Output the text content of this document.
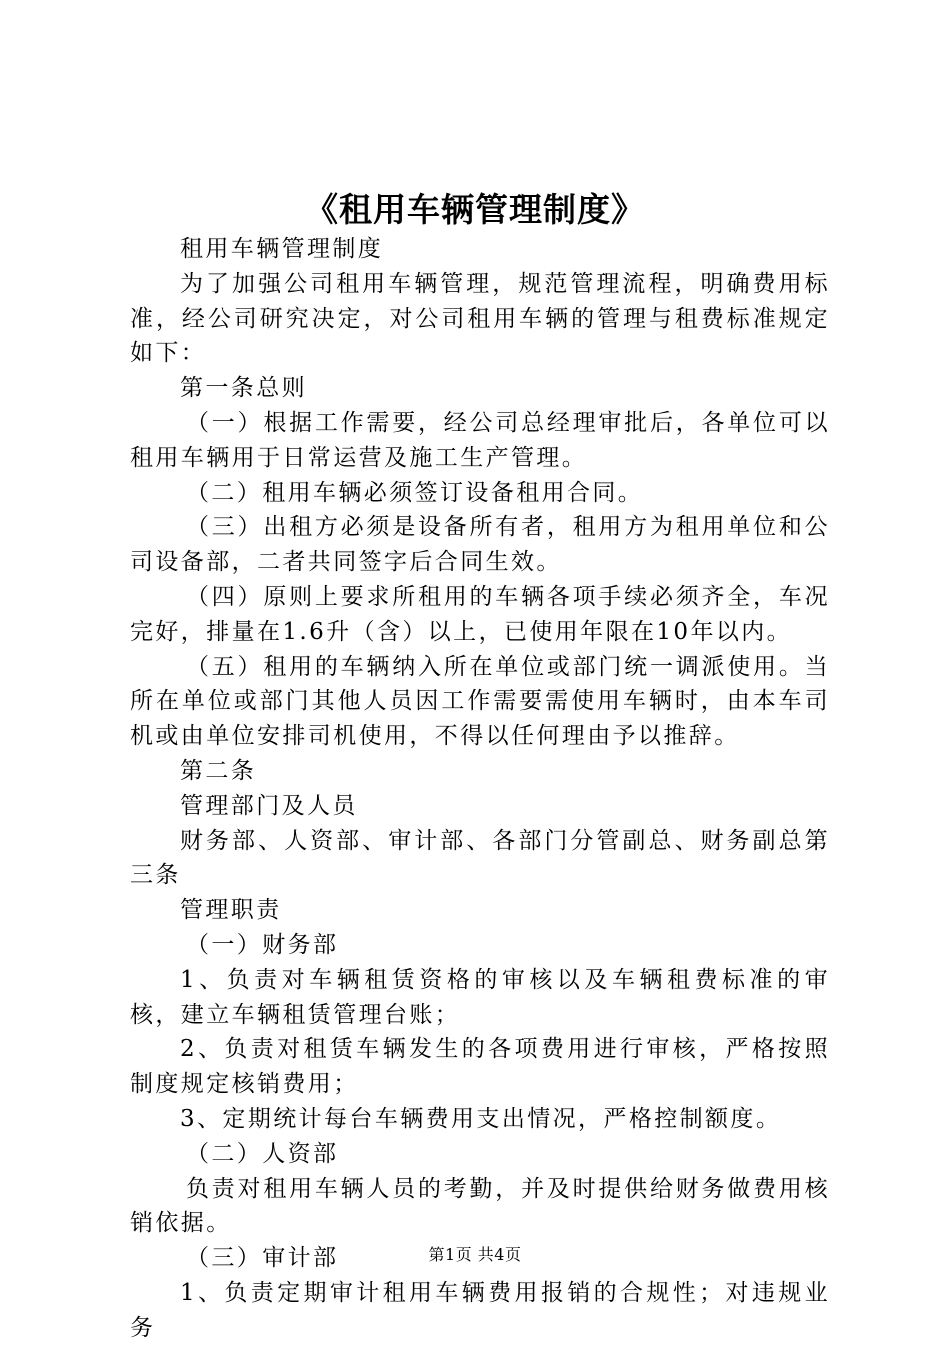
《租用车辆管理制度》

租用车辆管理制度

为了加强公司租用车辆管理，规范管理流程，明确费用标准，经公司研究决定，对公司租用车辆的管理与租费标准规定如下：

第一条总则

（一）根据工作需要，经公司总经理审批后，各单位可以租用车辆用于日常运营及施工生产管理。

（二）租用车辆必须签订设备租用合同。

（三）出租方必须是设备所有者，租用方为租用单位和公司设备部，二者共同签字后合同生效。

（四）原则上要求所租用的车辆各项手续必须齐全，车况完好，排量在1.6升（含）以上，已使用年限在10年以内。

（五）租用的车辆纳入所在单位或部门统一调派使用。当所在单位或部门其他人员因工作需要需使用车辆时，由本车司机或由单位安排司机使用，不得以任何理由予以推辞。

第二条

管理部门及人员

财务部、人资部、审计部、各部门分管副总、财务副总第三条

管理职责

（一）财务部

1、负责对车辆租赁资格的审核以及车辆租费标准的审核，建立车辆租赁管理台账；

2、负责对租赁车辆发生的各项费用进行审核，严格按照制度规定核销费用；

3、定期统计每台车辆费用支出情况，严格控制额度。

（二）人资部

负责对租用车辆人员的考勤，并及时提供给财务做费用核销依据。

（三）审计部

1、负责定期审计租用车辆费用报销的合规性；对违规业务

第1页 共4页
